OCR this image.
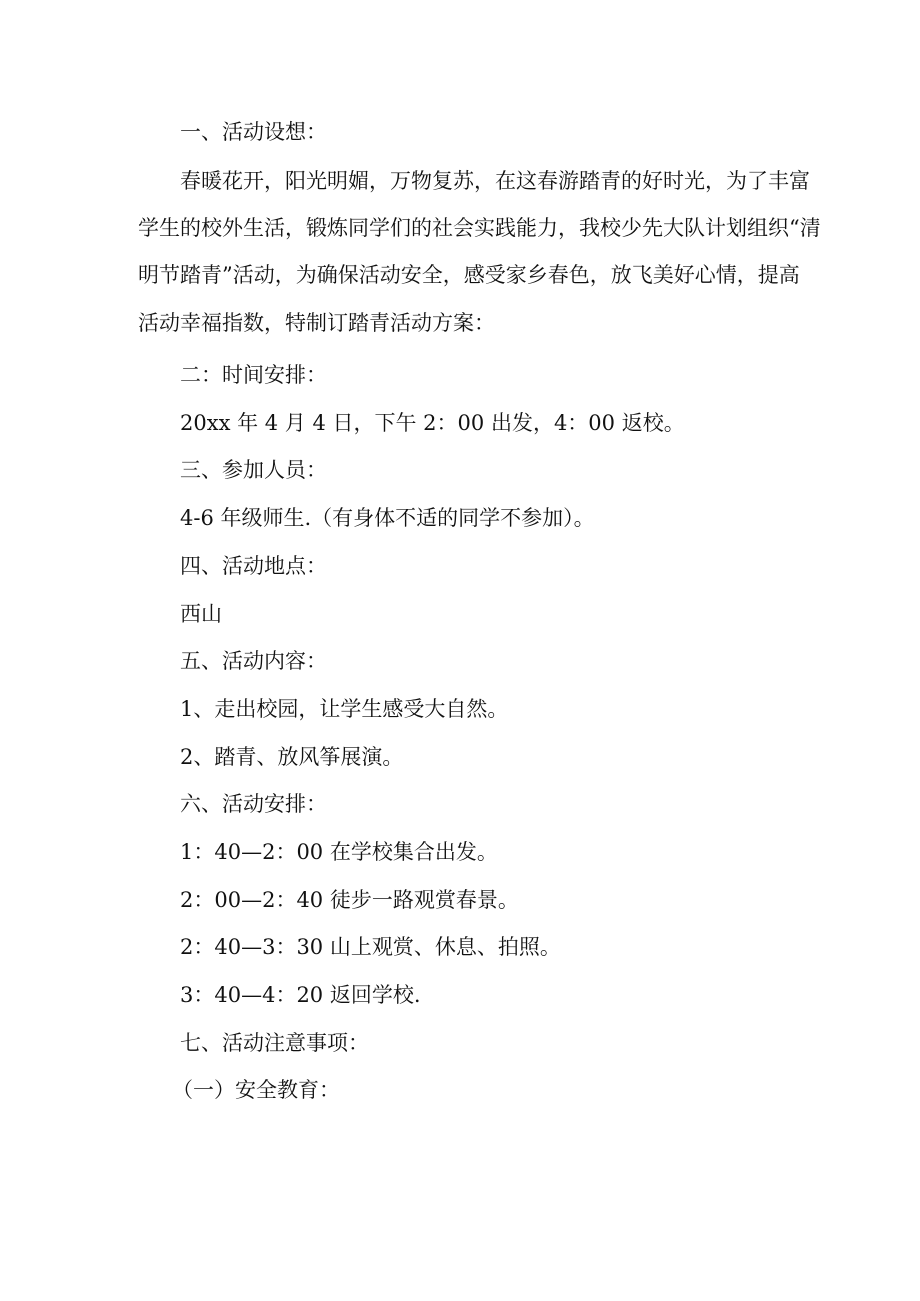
一、活动设想：
春暖花开，阳光明媚，万物复苏，在这春游踏青的好时光，为了丰富
学生的校外生活，锻炼同学们的社会实践能力，我校少先大队计划组织“清
明节踏青”活动，为确保活动安全，感受家乡春色，放飞美好心情，提高
活动幸福指数，特制订踏青活动方案：
二：时间安排：
20xx 年 4 月 4 日，下午 2：00 出发，4：00 返校。
三、参加人员：
4-6 年级师生.（有身体不适的同学不参加）。
四、活动地点：
西山
五、活动内容：
1、走出校园，让学生感受大自然。
2、踏青、放风筝展演。
六、活动安排：
1：40—2：00 在学校集合出发。
2：00—2：40 徒步一路观赏春景。
2：40—3：30 山上观赏、休息、拍照。
3：40—4：20 返回学校.
七、活动注意事项：
（一）安全教育：
